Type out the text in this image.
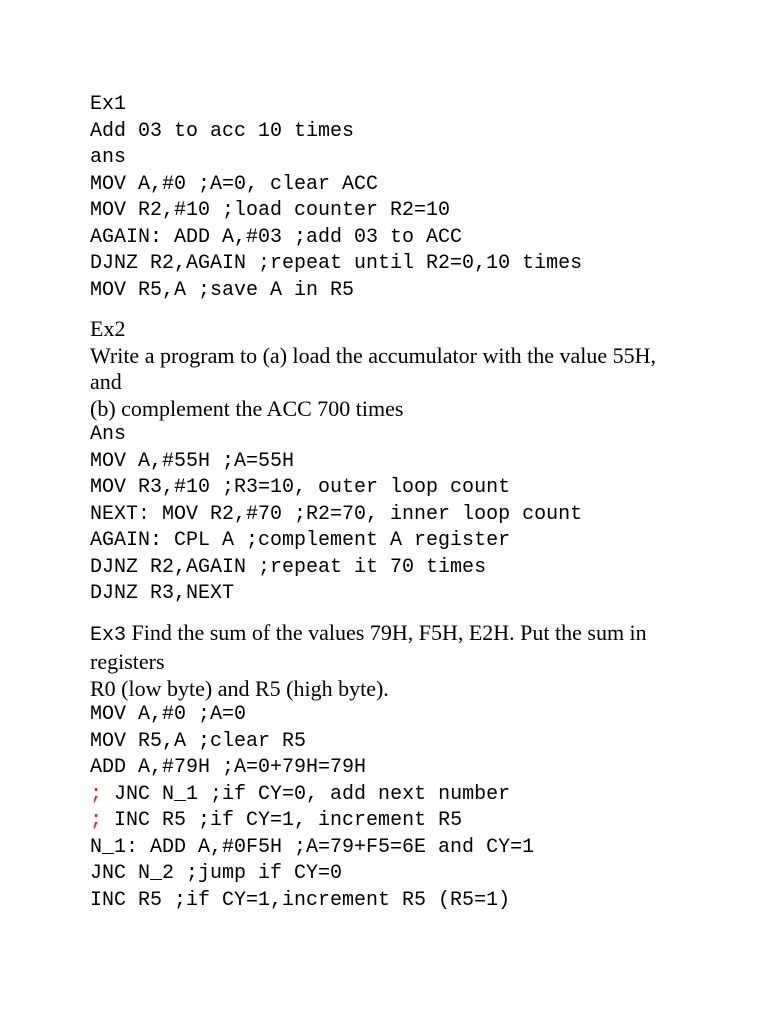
Ex1
Add 03 to acc 10 times
ans
MOV A,#0 ;A=0, clear ACC
MOV R2,#10 ;load counter R2=10
AGAIN: ADD A,#03 ;add 03 to ACC
DJNZ R2,AGAIN ;repeat until R2=0,10 times
MOV R5,A ;save A in R5
Ex2
Write a program to (a) load the accumulator with the value 55H,
and
(b) complement the ACC 700 times
Ans
MOV A,#55H ;A=55H
MOV R3,#10 ;R3=10, outer loop count
NEXT: MOV R2,#70 ;R2=70, inner loop count
AGAIN: CPL A ;complement A register
DJNZ R2,AGAIN ;repeat it 70 times
DJNZ R3,NEXT
Ex3 Find the sum of the values 79H, F5H, E2H. Put the sum in
registers
R0 (low byte) and R5 (high byte).
MOV A,#0 ;A=0
MOV R5,A ;clear R5
ADD A,#79H ;A=0+79H=79H
; JNC N_1 ;if CY=0, add next number
; INC R5 ;if CY=1, increment R5
N_1: ADD A,#0F5H ;A=79+F5=6E and CY=1
JNC N_2 ;jump if CY=0
INC R5 ;if CY=1,increment R5 (R5=1)
